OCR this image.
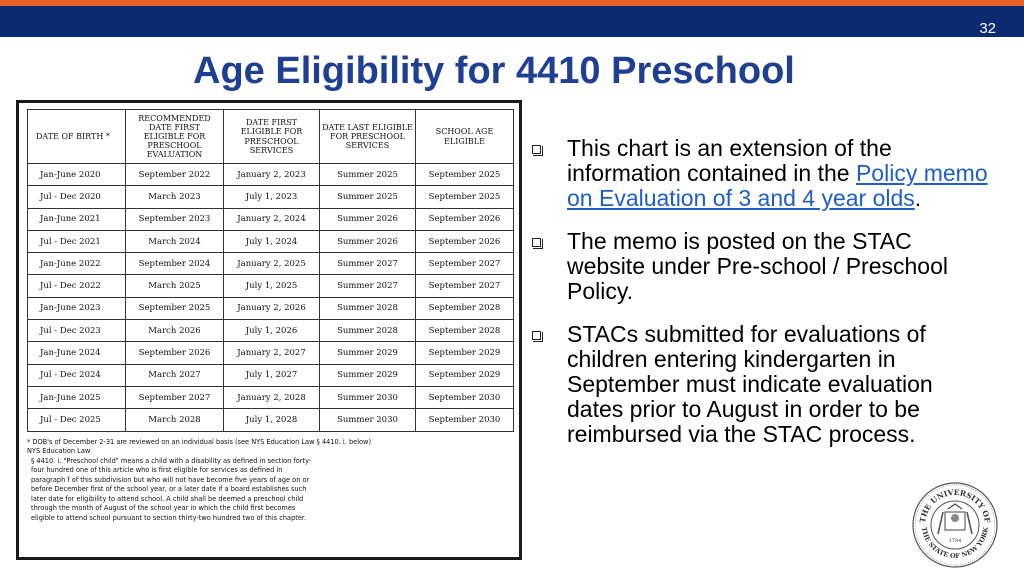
32
Age Eligibility for 4410 Preschool
DATE OF BIRTH *	RECOMMENDED DATE FIRST ELIGIBLE FOR PRESCHOOL EVALUATION	DATE FIRST ELIGIBLE FOR PRESCHOOL SERVICES	DATE LAST ELIGIBLE FOR PRESCHOOL SERVICES	SCHOOL AGE ELIGIBLE
Jan-June 2020	September 2022	January 2, 2023	Summer 2025	September 2025
Jul - Dec 2020	March 2023	July 1, 2023	Summer 2025	September 2025
Jan-June 2021	September 2023	January 2, 2024	Summer 2026	September 2026
Jul - Dec 2021	March 2024	July 1, 2024	Summer 2026	September 2026
Jan-June 2022	September 2024	January 2, 2025	Summer 2027	September 2027
Jul - Dec 2022	March 2025	July 1, 2025	Summer 2027	September 2027
Jan-June 2023	September 2025	January 2, 2026	Summer 2028	September 2028
Jul - Dec 2023	March 2026	July 1, 2026	Summer 2028	September 2028
Jan-June 2024	September 2026	January 2, 2027	Summer 2029	September 2029
Jul - Dec 2024	March 2027	July 1, 2027	Summer 2029	September 2029
Jan-June 2025	September 2027	January 2, 2028	Summer 2030	September 2030
Jul - Dec 2025	March 2028	July 1, 2028	Summer 2030	September 2030

* DOB's of December 2-31 are reviewed on an individual basis (see NYS Education Law § 4410. i. below)

NYS Education Law

§ 4410. i. "Preschool child" means a child with a disability as defined in section forty-four hundred one of this article who is first eligible for services as defined in paragraph f of this subdivision but who will not have become five years of age on or before December first of the school year, or a later date if a board establishes such later date for eligibility to attend school. A child shall be deemed a preschool child through the month of August of the school year in which the child first becomes eligible to attend school pursuant to section thirty-two hundred two of this chapter.

This chart is an extension of the information contained in the Policy memo on Evaluation of 3 and 4 year olds.
The memo is posted on the STAC website under Pre-school / Preschool Policy.
STACs submitted for evaluations of children entering kindergarten in September must indicate evaluation dates prior to August in order to be reimbursed via the STAC process.
THE UNIVERSITY OF
THE STATE OF NEW YORK
1784
